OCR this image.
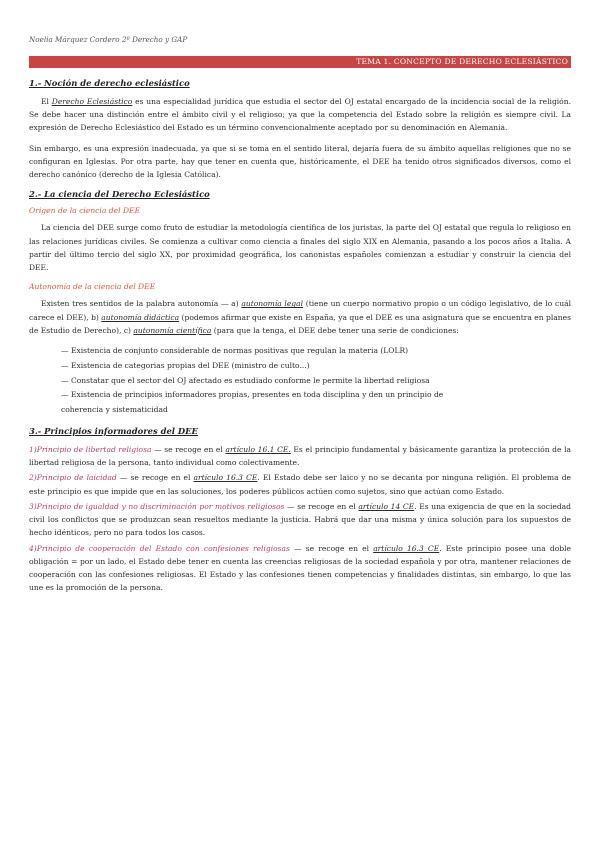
Noelia Márquez Cordero 2º Derecho y GAP
TEMA 1. CONCEPTO DE DERECHO ECLESIÁSTICO
1.- Noción de derecho eclesiástico

El Derecho Eclesiástico es una especialidad jurídica que estudia el sector del OJ estatal encargado de la incidencia social de la religión. Se debe hacer una distinción entre el ámbito civil y el religioso; ya que la competencia del Estado sobre la religión es siempre civil. La expresión de Derecho Eclesiástico del Estado es un término convencionalmente aceptado por su denominación en Alemania.

Sin embargo, es una expresión inadecuada, ya que si se toma en el sentido literal, dejaría fuera de su ámbito aquellas religiones que no se configuran en Iglesias. Por otra parte, hay que tener en cuenta que, históricamente, el DEE ha tenido otros significados diversos, como el derecho canónico (derecho de la Iglesia Católica).

2.- La ciencia del Derecho Eclesiástico
Origen de la ciencia del DEE

La ciencia del DEE surge como fruto de estudiar la metodología científica de los juristas, la parte del OJ estatal que regula lo religioso en las relaciones jurídicas civiles. Se comienza a cultivar como ciencia a finales del siglo XIX en Alemania, pasando a los pocos años a Italia. A partir del último tercio del siglo XX, por proximidad geográfica, los canonistas españoles comienzan a estudiar y construir la ciencia del DEE.

Autonomía de la ciencia del DEE

Existen tres sentidos de la palabra autonomía — a) autonomía legal (tiene un cuerpo normativo propio o un código legislativo, de lo cuál carece el DEE), b) autonomía didáctica (podemos afirmar que existe en España, ya que el DEE es una asignatura que se encuentra en planes de Estudio de Derecho), c) autonomía científica (para que la tenga, el DEE debe tener una serie de condiciones:

— Existencia de conjunto considerable de normas positivas que regulan la materia (LOLR)
— Existencia de categorias propias del DEE (ministro de culto...)
— Constatar que el sector del OJ afectado es estudiado conforme le permite la libertad religiosa
— Existencia de principios informadores propias, presentes en toda disciplina y den un principio de
coherencia y sistematicidad
3.- Principios informadores del DEE

1)Principio de libertad religiosa — se recoge en el artículo 16.1 CE. Es el principio fundamental y básicamente garantiza la protección de la libertad religiosa de la persona, tanto individual como colectivamente.

2)Principio de laicidad — se recoge en el artículo 16.3 CE. El Estado debe ser laico y no se decanta por ninguna religión. El problema de este principio es que impide que en las soluciones, los poderes públicos actúen como sujetos, sino que actúan como Estado.

3)Principio de igualdad y no discriminación por motivos religiosos — se recoge en el artículo 14 CE. Es una exigencia de que en la sociedad civil los conflictos que se produzcan sean resueltos mediante la justicia. Habrá que dar una misma y única solución para los supuestos de hecho idénticos, pero no para todos los casos.

4)Principio de cooperación del Estado con confesiones religiosas — se recoge en el artículo 16.3 CE. Este principio posee una doble obligación = por un lado, el Estado debe tener en cuenta las creencias religiosas de la sociedad española y por otra, mantener relaciones de cooperación con las confesiones religiosas. El Estado y las confesiones tienen competencias y finalidades distintas, sin embargo, lo que las une es la promoción de la persona.
